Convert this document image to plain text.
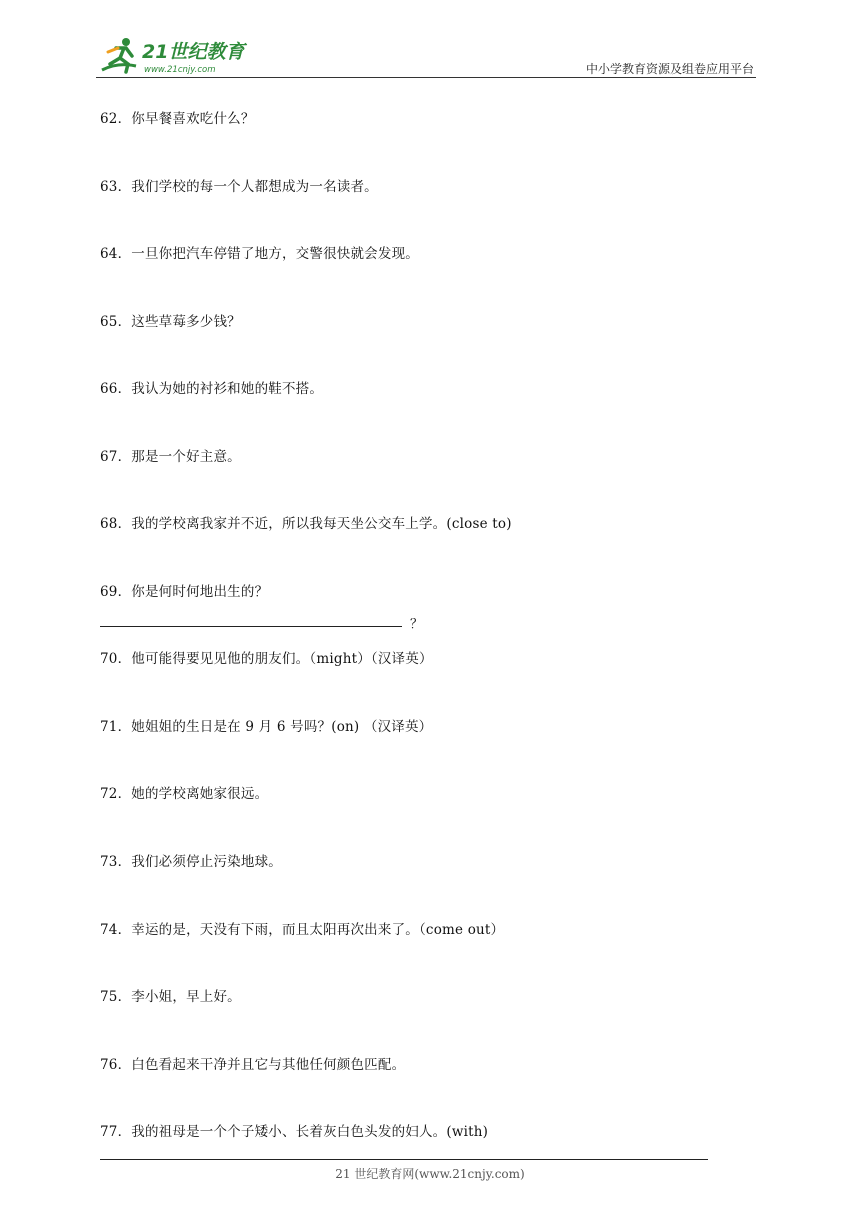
21世纪教育
www.21cnjy.com	中小学教育资源及组卷应用平台
62．你早餐喜欢吃什么？
63．我们学校的每一个人都想成为一名读者。
64．一旦你把汽车停错了地方，交警很快就会发现。
65．这些草莓多少钱？
66．我认为她的衬衫和她的鞋不搭。
67．那是一个好主意。
68．我的学校离我家并不近，所以我每天坐公交车上学。(close to)
69．你是何时何地出生的？
？
70．他可能得要见见他的朋友们。（might）（汉译英）
71．她姐姐的生日是在 9 月 6 号吗？(on) （汉译英）
72．她的学校离她家很远。
73．我们必须停止污染地球。
74．幸运的是，天没有下雨，而且太阳再次出来了。（come out）
75．李小姐，早上好。
76．白色看起来干净并且它与其他任何颜色匹配。
77．我的祖母是一个个子矮小、长着灰白色头发的妇人。(with)
21 世纪教育网(www.21cnjy.com)
